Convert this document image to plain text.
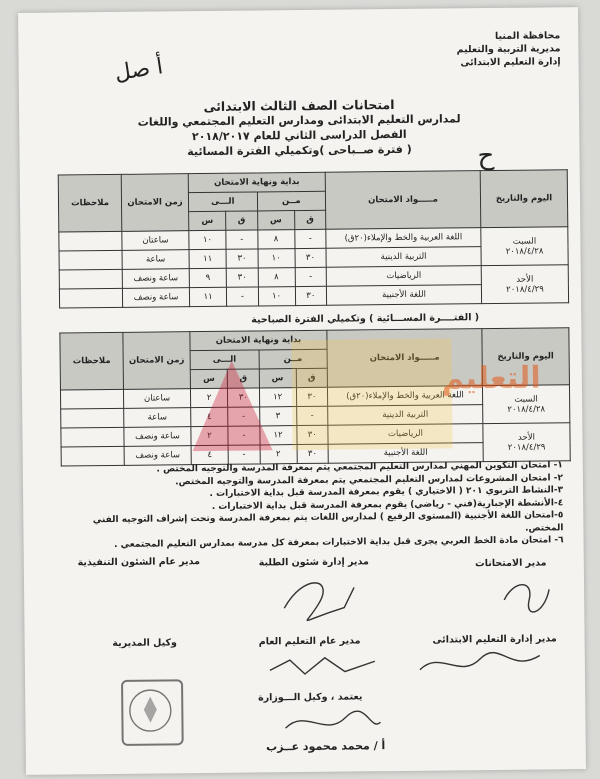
محافظة المنيا
مديرية التربية والتعليم
إدارة التعليم الابتدائى
أ صل
امتحانات الصف الثالث الابتدائى
لمدارس التعليم الابتدائى ومدارس التعليم المجتمعي واللغات
الفصل الدراسى الثاني للعام ٢٠١٨/٢٠١٧
( فترة صــباحى )وتكميلي الفترة المسائية	ح
اليوم والتاريخ	مـــــواد الامتحان	بداية ونهاية الامتحان				زمن الامتحان	ملاحظات
		مــن		الـــى			
		ق	س	ق	س		

السبت
٢٠١٨/٤/٢٨	اللغة العربية والخط والإملاء(٢٠ق)	-	٨	-	١٠	ساعتان	
	التربية الدينية	٣٠	١٠	٣٠	١١	ساعة	

الأحد
٢٠١٨/٤/٢٩	الرياضيات	-	٨	٣٠	٩	ساعة ونصف	
	اللغة الأجنبية	٣٠	١٠	-	١١	ساعة ونصف	
( الفتــــرة المســـائية ) وتكميلي الفترة الصباحية
اليوم والتاريخ	مـــــواد الامتحان	بداية ونهاية الامتحان				زمن الامتحان	ملاحظات
		مــن		الـــى			
		ق	س	ق	س		

السبت
٢٠١٨/٤/٢٨	اللغة العربية والخط والإملاء(٢٠ق)	٣٠	١٢	٣٠	٢	ساعتان	
	التربية الدينية	-	٣	-	٤	ساعة	

الأحد
٢٠١٨/٤/٢٩	الرياضيات	٣٠	١٢	-	٢	ساعة ونصف	
	اللغة الأجنبية	٣٠	٢	-	٤	ساعة ونصف	
التعليم
١- امتحان التكوين المهني لمدارس التعليم المجتمعي يتم بمعرفة المدرسة والتوجيه المختص .
٢- امتحان المشروعات لمدارس التعليم المجتمعي يتم بمعرفة المدرسة والتوجيه المختص.
٣-النشاط التربوي ٢٠١ ( الاختياري ) يقوم بمعرفة المدرسة قبل بداية الاختبارات .
٤-الأنشطة الإجبارية(فني - رياضي) يقوم بمعرفة المدرسة قبل بداية الاختبارات .
٥-امتحان اللغة الأجنبية (المستوى الرفيع ) لمدارس اللغات يتم بمعرفة المدرسة وتحت إشراف التوجيه الفني المختص.
٦- امتحان مادة الخط العربي يجرى قبل بداية الاختبارات بمعرفة كل مدرسة بمدارس التعليم المجتمعي .
مدير الامتحانات
مدير إدارة شئون الطلبة
مدير عام الشئون التنفيذية
مدير إدارة التعليم الابتدائى
مدير عام التعليم العام
وكيل المديرية
يعتمد ، وكيل الـــوزارة
أ / محمد محمود عــزب
